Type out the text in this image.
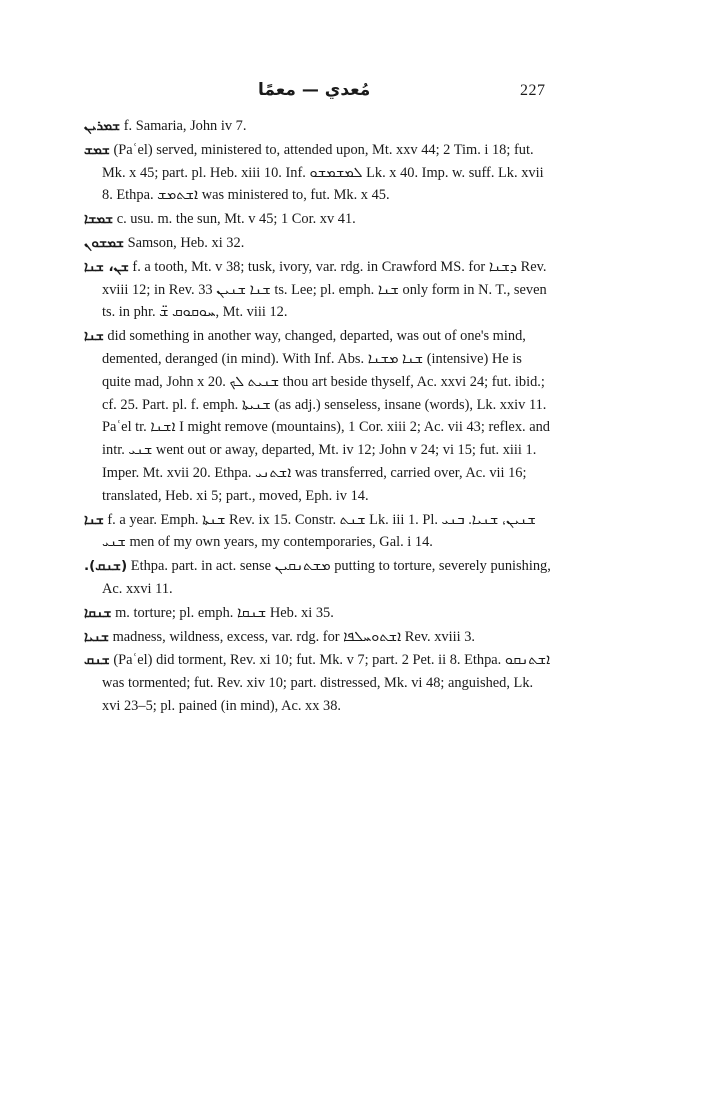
مُعدي — معمًا	227

ܫܡܪܝܢ f. Samaria, John iv 7.

ܫܡܫ (Paʿel) served, ministered to, attended upon, Mt. xxv 44; 2 Tim. i 18; fut. Mk. x 45; part. pl. Heb. xiii 10. Inf. ܠܡܫܡܫܘ Lk. x 40. Imp. w. suff. Lk. xvii 8. Ethpa. ܐܫܬܡܫ was ministered to, fut. Mk. x 45.

ܫܡܫܐ c. usu. m. the sun, Mt. v 45; 1 Cor. xv 41.

ܫܡܫܘܢ Samson, Heb. xi 32.

ܫܢ، ܫܢܐ f. a tooth, Mt. v 38; tusk, ivory, var. rdg. in Crawford MS. for ܕܫܢܐ Rev. xviii 12; in Rev. ܫܢܐ ܫܢܝܢ 33 ts. Lee; pl. emph. ܫܢܐ only form in N. T., seven ts. in phr. ܚܘܩܘܩ ܫ̈, Mt. viii 12.

ܫܢܐ did something in another way, changed, departed, was out of one's mind, demented, deranged (in mind). With Inf. Abs. ܫܢܐ ܡܫܢܐ (intensive) He is quite mad, John x 20. ܫܢܝܬ ܠܟ thou art beside thyself, Ac. xxvi 24; fut. ibid.; cf. 25. Part. pl. f. emph. ܫܢܝܬܐ (as adj.) senseless, insane (words), Lk. xxiv 11. Paʿel tr. ܐܫܢܐ I might remove (mountains), 1 Cor. xiii 2; Ac. vii 43; reflex. and intr. ܫܢܝ went out or away, departed, Mt. iv 12; John v 24; vi 15; fut. xiii 1. Imper. Mt. xvii 20. Ethpa. ܐܫܬܢܝ was transferred, carried over, Ac. vii 16; translated, Heb. xi 5; part., moved, Eph. iv 14.

ܫܢܐ f. a year. Emph. ܫܢܬܐ Rev. ix 15. Constr. ܫܢܬ Lk. iii 1. Pl. ܫܢܝܢ، ܫܢܝܐ. ܒܢܝ ܫܢܝ men of my own years, my contemporaries, Gal. i 14.

(ܫܢܩ). Ethpa. part. in act. sense ܡܫܬܢܩܝܢ putting to torture, severely punishing, Ac. xxvi 11.

ܫܢܩܐ m. torture; pl. emph. ܫܢܩܐ Heb. xi 35.

ܫܢܝܐ madness, wildness, excess, var. rdg. for ܐܫܬܘܚܠܦܐ Rev. xviii 3.

ܫܢܩ (Paʿel) did torment, Rev. xi 10; fut. Mk. v 7; part. 2 Pet. ii 8. Ethpa. ܐܫܬܢܩܘ was tormented; fut. Rev. xiv 10; part. distressed, Mk. vi 48; anguished, Lk. xvi 23–5; pl. pained (in mind), Ac. xx 38.
